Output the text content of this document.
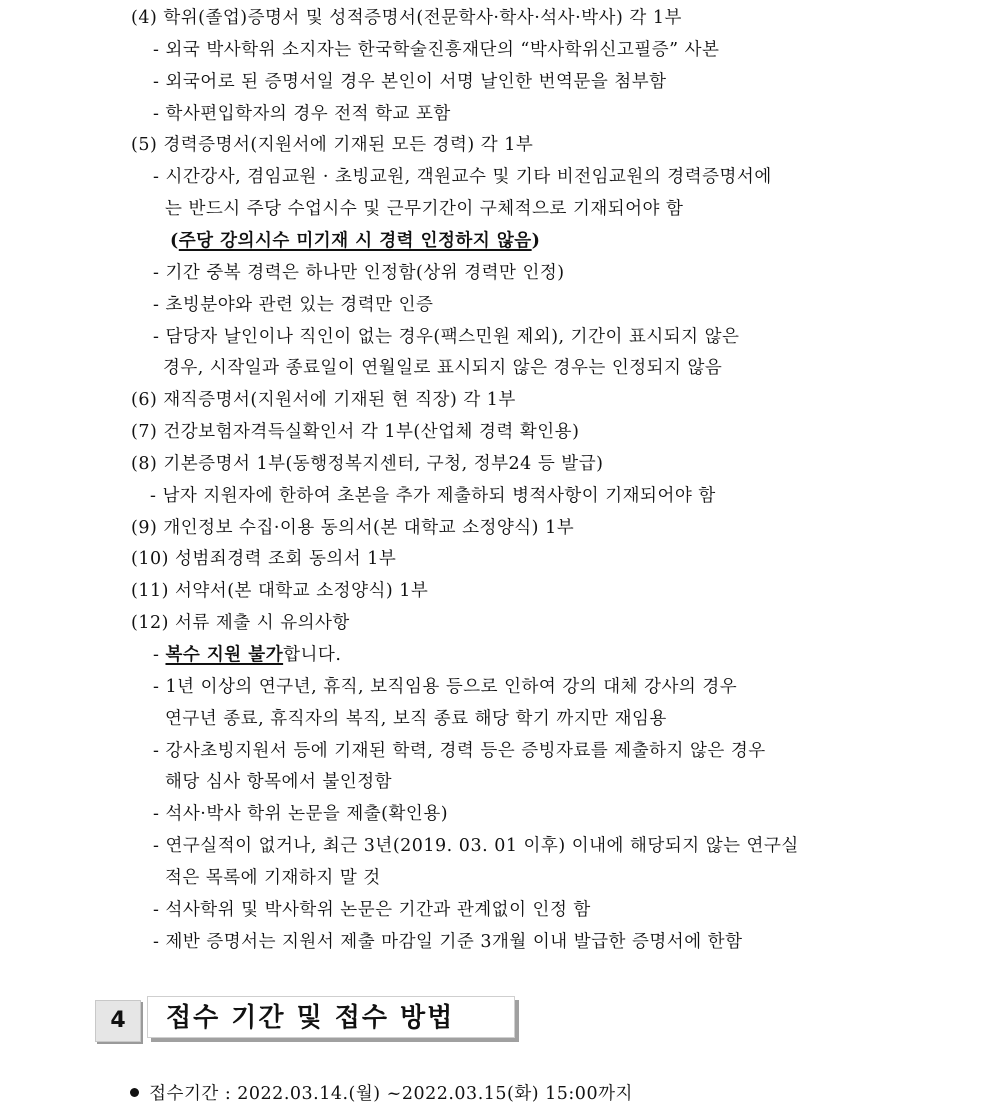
(4) 학위(졸업)증명서 및 성적증명서(전문학사·학사·석사·박사) 각 1부
- 외국 박사학위 소지자는 한국학술진흥재단의 “박사학위신고필증” 사본
- 외국어로 된 증명서일 경우 본인이 서명 날인한 번역문을 첨부함
- 학사편입학자의 경우 전적 학교 포함
(5) 경력증명서(지원서에 기재된 모든 경력) 각 1부
- 시간강사, 겸임교원 · 초빙교원, 객원교수 및 기타 비전임교원의 경력증명서에
는 반드시 주당 수업시수 및 근무기간이 구체적으로 기재되어야 함
(주당 강의시수 미기재 시 경력 인정하지 않음)
- 기간 중복 경력은 하나만 인정함(상위 경력만 인정)
- 초빙분야와 관련 있는 경력만 인증
- 담당자 날인이나 직인이 없는 경우(팩스민원 제외), 기간이 표시되지 않은
경우, 시작일과 종료일이 연월일로 표시되지 않은 경우는 인정되지 않음
(6) 재직증명서(지원서에 기재된 현 직장) 각 1부
(7) 건강보험자격득실확인서 각 1부(산업체 경력 확인용)
(8) 기본증명서 1부(동행정복지센터, 구청, 정부24 등 발급)
- 남자 지원자에 한하여 초본을 추가 제출하되 병적사항이 기재되어야 함
(9) 개인정보 수집·이용 동의서(본 대학교 소정양식) 1부
(10) 성범죄경력 조회 동의서 1부
(11) 서약서(본 대학교 소정양식) 1부
(12) 서류 제출 시 유의사항
- 복수 지원 불가합니다.
- 1년 이상의 연구년, 휴직, 보직임용 등으로 인하여 강의 대체 강사의 경우
연구년 종료, 휴직자의 복직, 보직 종료 해당 학기 까지만 재임용
- 강사초빙지원서 등에 기재된 학력, 경력 등은 증빙자료를 제출하지 않은 경우
해당 심사 항목에서 불인정함
- 석사·박사 학위 논문을 제출(확인용)
- 연구실적이 없거나, 최근 3년(2019. 03. 01 이후) 이내에 해당되지 않는 연구실
적은 목록에 기재하지 말 것
- 석사학위 및 박사학위 논문은 기간과 관계없이 인정 함
- 제반 증명서는 지원서 제출 마감일 기준 3개월 이내 발급한 증명서에 한함
4	접수 기간 및 접수 방법

접수기간 : 2022.03.14.(월) ~2022.03.15(화) 15:00까지
